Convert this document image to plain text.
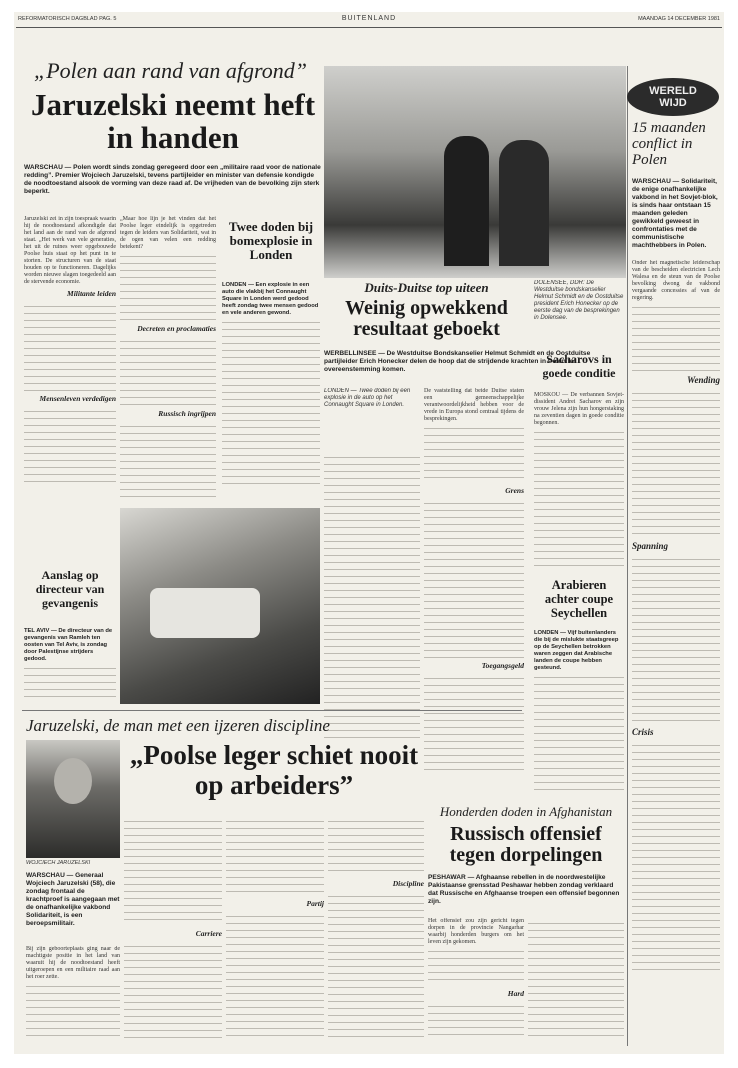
REFORMATORISCH DAGBLAD PAG. 5	BUITENLAND	MAANDAG 14 DECEMBER 1981
„Polen aan rand van afgrond”
Jaruzelski neemt heft in handen
WARSCHAU — Polen wordt sinds zondag geregeerd door een „militaire raad voor de nationale redding”. Premier Wojciech Jaruzelski, tevens partijleider en minister van defensie kondigde de noodtoestand alsook de vorming van deze raad af. De vrijheden van de bevolking zijn sterk beperkt.
Jaruzelski zei in zijn toespraak waarin hij de noodtoestand afkondigde dat het land aan de rand van de afgrond staat. „Het werk van vele generaties, het uit de ruines weer opgebouwde Poolse huis staat op het punt in te storten. De structuren van de staat houden op te functioneren. Dagelijks worden nieuwe slagen toegedeeld aan de stervende economie.
Militante leiden
Mensenleven verdedigen
„Maar hoe lijn je het vinden dat het Poolse leger eindelijk is opgetreden tegen de leiders van Solidariteit, wat in de ogen van velen een redding betekent?
Decreten en proclamaties
Russisch ingrijpen
Twee doden bij bomexplosie in Londen
LONDEN — Een explosie in een auto die vlakbij het Connaught Square in Londen werd gedood heeft zondag twee mensen gedood en vele anderen gewond.
DOLENSEE, DDR: De Westduitse bondskanselier Helmut Schmidt en de Oostduitse president Erich Honecker op de eerste dag van de besprekingen in Dolensee.
Duits-Duitse top uiteen
Weinig opwekkend resultaat geboekt
WERBELLINSEE — De Westduitse Bondskanselier Helmut Schmidt en de Oostduitse partijleider Erich Honecker delen de hoop dat de strijdende krachten in Polen tot overeenstemming komen.
LONDEN — Twee doden bij een explosie in de auto op het Connaught Square in Londen.
De vaststelling dat beide Duitse staten een gemeenschappelijke verantwoordelijkheid hebben voor de vrede in Europa stond centraal tijdens de besprekingen.
Grens
Toegangsgeld
Sacharovs in goede conditie
MOSKOU — De verbannen Sovjet-dissident Andrei Sacharov en zijn vrouw Jelena zijn hun hongerstaking na zeventien dagen in goede conditie begonnen.
Arabieren achter coupe Seychellen
LONDEN — Vijf buitenlanders die bij de mislukte staatsgreep op de Seychellen betrokken waren zeggen dat Arabische landen de coupe hebben gesteund.
Aanslag op directeur van gevangenis
TEL AVIV — De directeur van de gevangenis van Ramleh ten oosten van Tel Aviv, is zondag door Palestijnse strijders gedood.
Jaruzelski, de man met een ijzeren discipline
WOJCIECH JARUZELSKI
„Poolse leger schiet nooit op arbeiders”
WARSCHAU — Generaal Wojciech Jaruzelski (58), die zondag frontaal de krachtproef is aangegaan met de onafhankelijke vakbond Solidariteit, is een beroepsmilitair.
Bij zijn geboorteplaats ging naar de machtigste positie in het land van waaruit hij de noodtoestand heeft uitgeroepen en een militaire raad aan het roer zette.
Carriere
Partij
Discipline
Honderden doden in Afghanistan
Russisch offensief tegen dorpelingen
PESHAWAR — Afghaanse rebellen in de noordwestelijke Pakistaanse grensstad Peshawar hebben zondag verklaard dat Russische en Afghaanse troepen een offensief begonnen zijn.
Het offensief zou zijn gericht tegen dorpen in de provincie Nangarhar waarbij honderden burgers om het leven zijn gekomen.
Hard
WERELD
WIJD
15 maanden conflict in Polen
WARSCHAU — Solidariteit, de enige onafhankelijke vakbond in het Sovjet-blok, is sinds haar ontstaan 15 maanden geleden gewikkeld geweest in confrontaties met de communistische machthebbers in Polen.
Onder het magnetische leiderschap van de bescheiden electricien Lech Walesa en de steun van de Poolse bevolking dwong de vakbond vergaande concessies af van de regering.
Wending
Spanning
Crisis
